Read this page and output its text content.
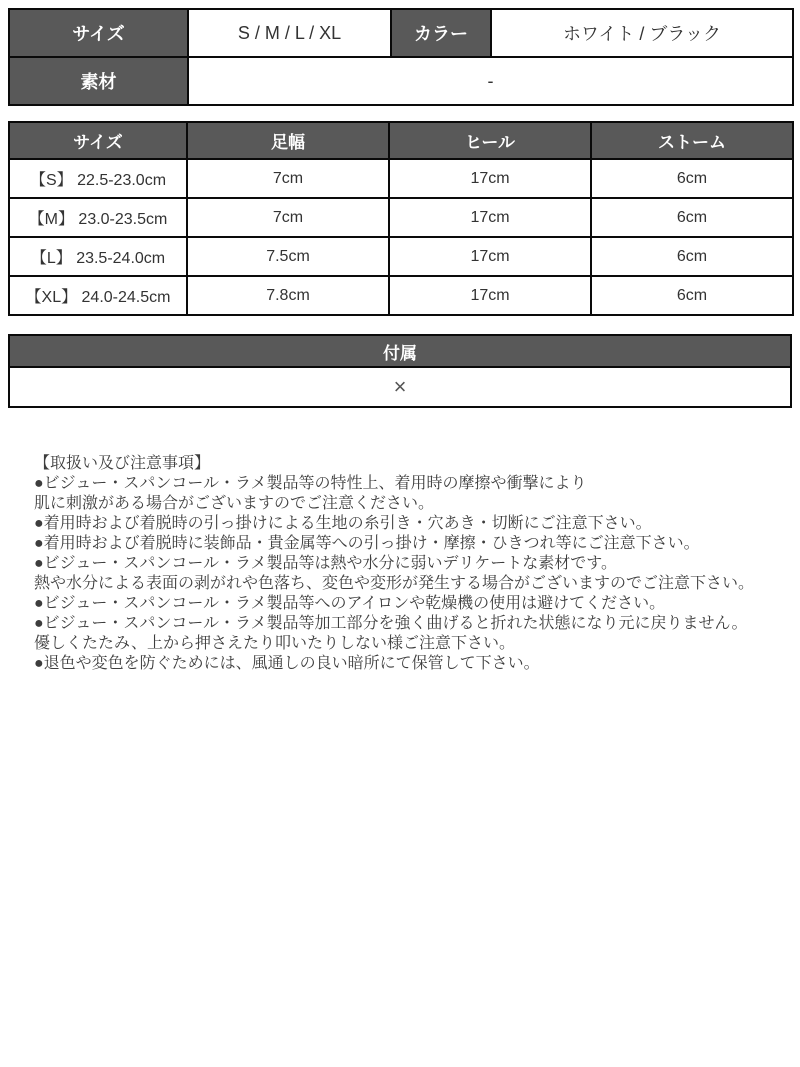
サイズ	S / M / L / XL	カラー	ホワイト / ブラック
素材	-		
サイズ	足幅	ヒール	ストーム
【S】 22.5-23.0cm	7cm	17cm	6cm
【M】 23.0-23.5cm	7cm	17cm	6cm
【L】 23.5-24.0cm	7.5cm	17cm	6cm
【XL】 24.0-24.5cm	7.8cm	17cm	6cm
付属
×
【取扱い及び注意事項】
●ビジュー・スパンコール・ラメ製品等の特性上、着用時の摩擦や衝撃により
肌に刺激がある場合がございますのでご注意ください。
●着用時および着脱時の引っ掛けによる生地の糸引き・穴あき・切断にご注意下さい。
●着用時および着脱時に装飾品・貴金属等への引っ掛け・摩擦・ひきつれ等にご注意下さい。
●ビジュー・スパンコール・ラメ製品等は熱や水分に弱いデリケートな素材です。
熱や水分による表面の剥がれや色落ち、変色や変形が発生する場合がございますのでご注意下さい。
●ビジュー・スパンコール・ラメ製品等へのアイロンや乾燥機の使用は避けてください。
●ビジュー・スパンコール・ラメ製品等加工部分を強く曲げると折れた状態になり元に戻りません。
優しくたたみ、上から押さえたり叩いたりしない様ご注意下さい。
●退色や変色を防ぐためには、風通しの良い暗所にて保管して下さい。
